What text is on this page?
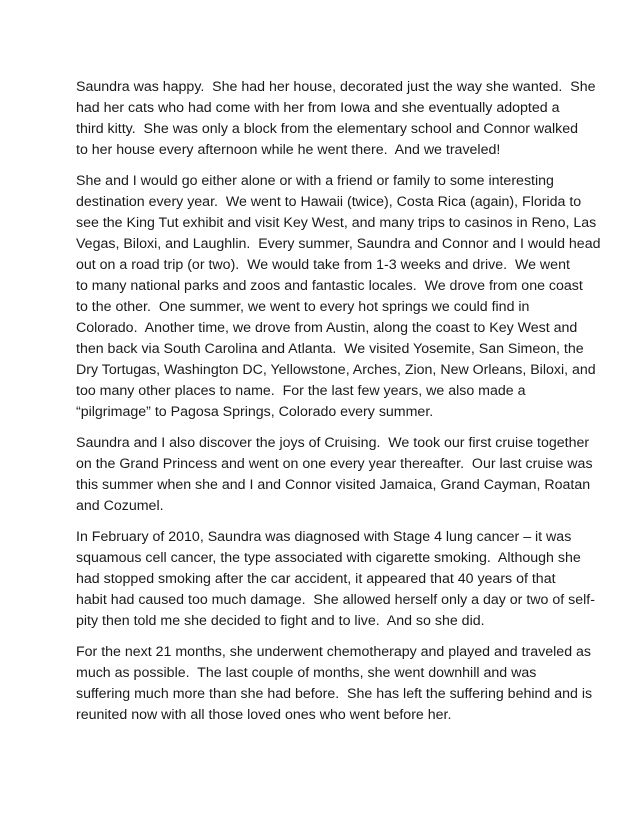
Saundra was happy.  She had her house, decorated just the way she wanted.  She
had her cats who had come with her from Iowa and she eventually adopted a
third kitty.  She was only a block from the elementary school and Connor walked
to her house every afternoon while he went there.  And we traveled!

She and I would go either alone or with a friend or family to some interesting
destination every year.  We went to Hawaii (twice), Costa Rica (again), Florida to
see the King Tut exhibit and visit Key West, and many trips to casinos in Reno, Las
Vegas, Biloxi, and Laughlin.  Every summer, Saundra and Connor and I would head
out on a road trip (or two).  We would take from 1-3 weeks and drive.  We went
to many national parks and zoos and fantastic locales.  We drove from one coast
to the other.  One summer, we went to every hot springs we could find in
Colorado.  Another time, we drove from Austin, along the coast to Key West and
then back via South Carolina and Atlanta.  We visited Yosemite, San Simeon, the
Dry Tortugas, Washington DC, Yellowstone, Arches, Zion, New Orleans, Biloxi, and
too many other places to name.  For the last few years, we also made a
“pilgrimage” to Pagosa Springs, Colorado every summer.

Saundra and I also discover the joys of Cruising.  We took our first cruise together
on the Grand Princess and went on one every year thereafter.  Our last cruise was
this summer when she and I and Connor visited Jamaica, Grand Cayman, Roatan
and Cozumel.

In February of 2010, Saundra was diagnosed with Stage 4 lung cancer – it was
squamous cell cancer, the type associated with cigarette smoking.  Although she
had stopped smoking after the car accident, it appeared that 40 years of that
habit had caused too much damage.  She allowed herself only a day or two of self-
pity then told me she decided to fight and to live.  And so she did.

For the next 21 months, she underwent chemotherapy and played and traveled as
much as possible.  The last couple of months, she went downhill and was
suffering much more than she had before.  She has left the suffering behind and is
reunited now with all those loved ones who went before her.
